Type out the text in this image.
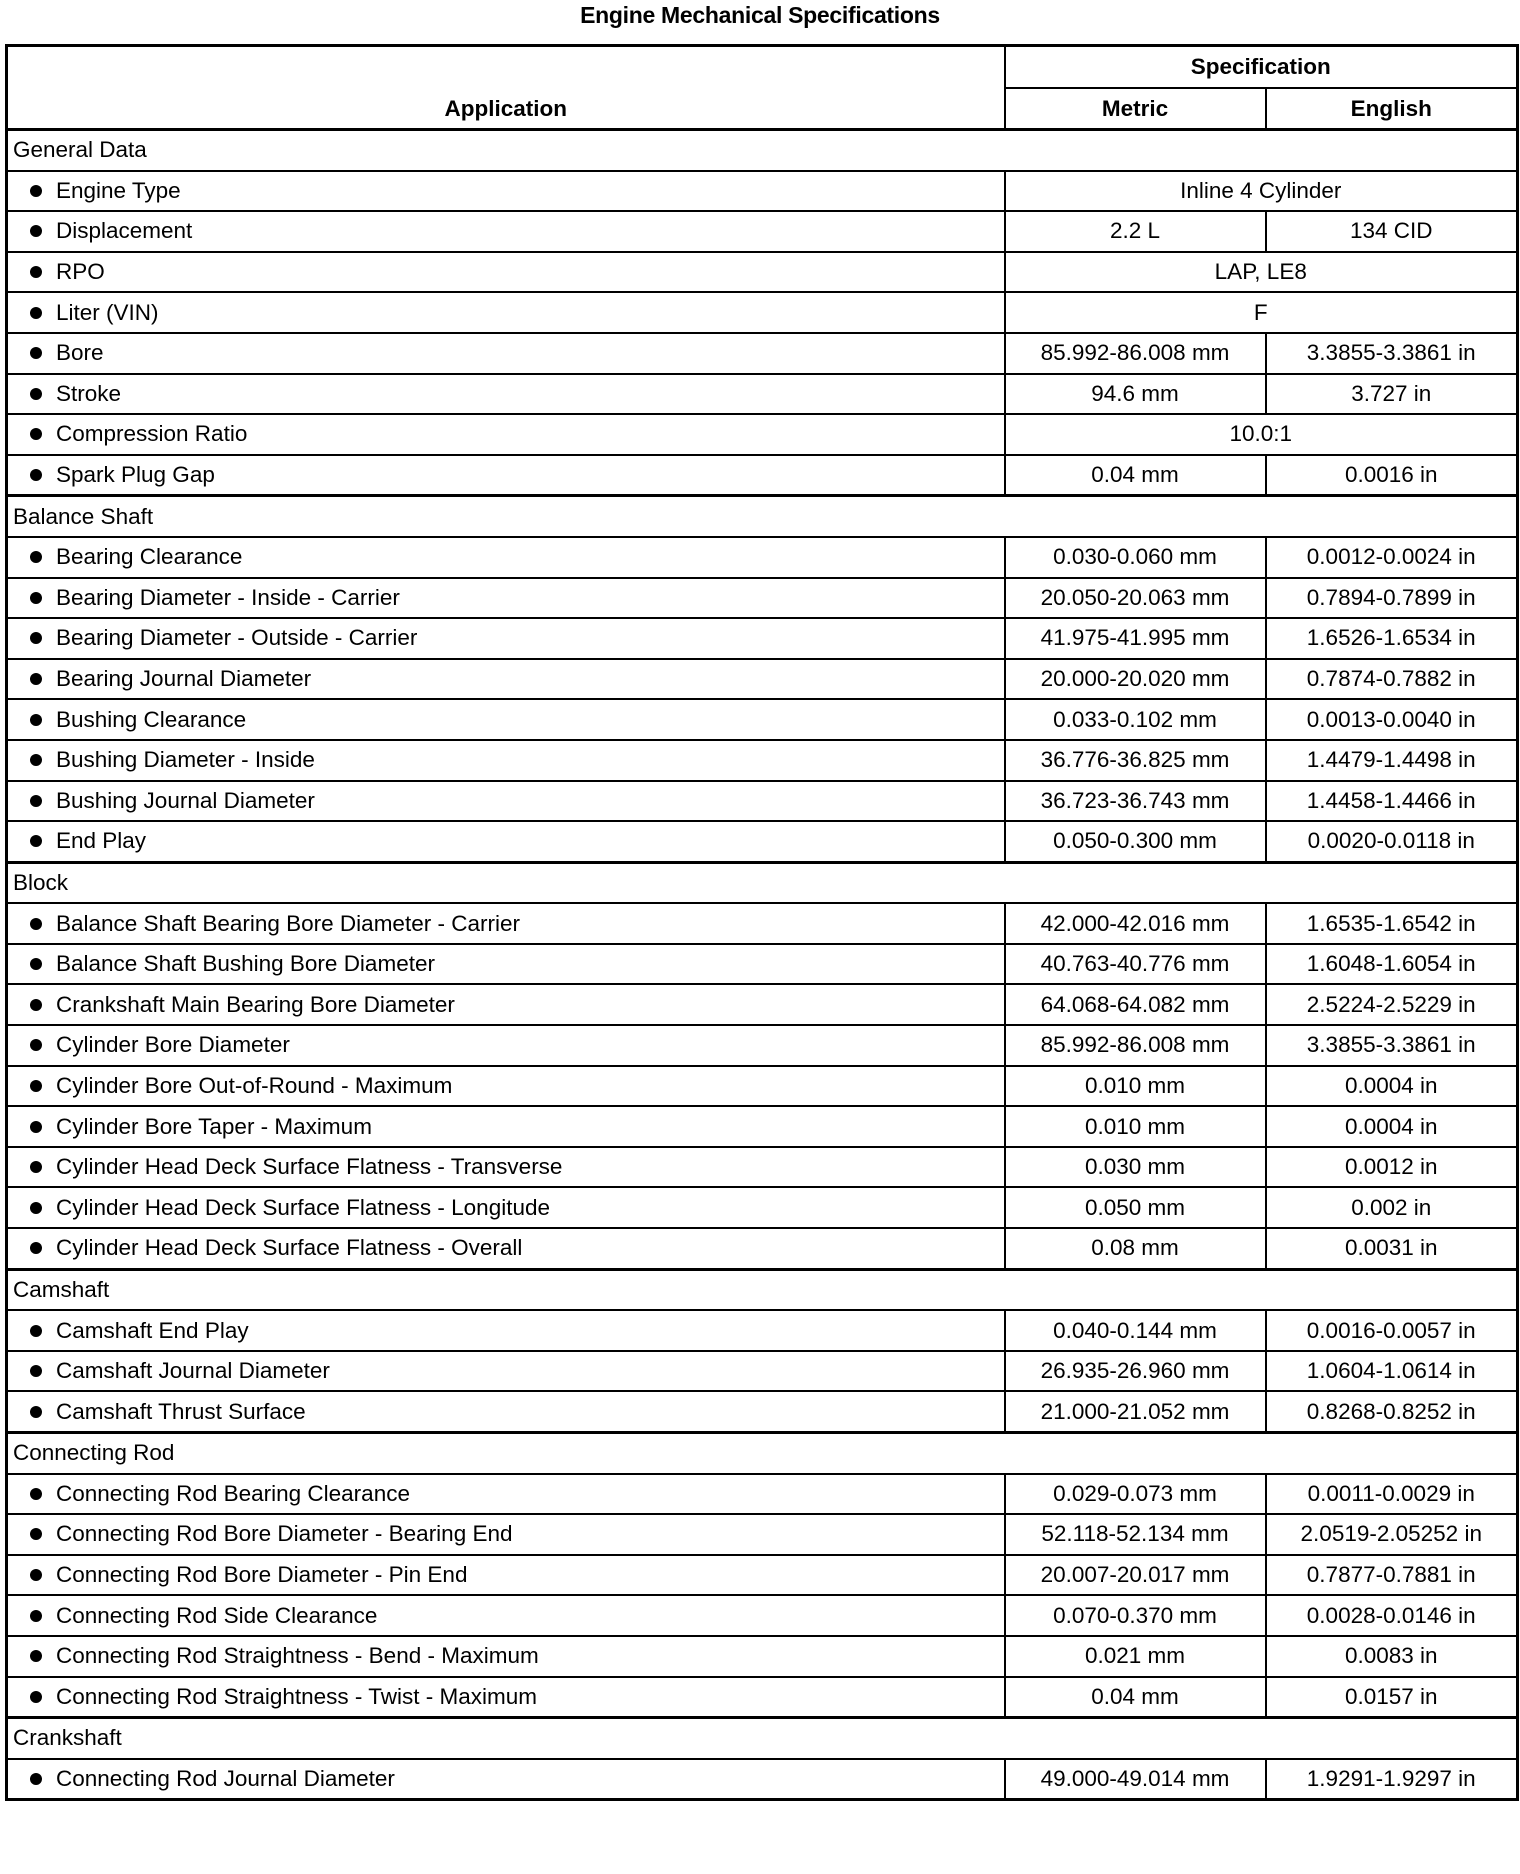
Engine Mechanical Specifications
Application	Specification	
	Metric	English
General Data		
Engine Type	Inline 4 Cylinder	
Displacement	2.2 L	134 CID
RPO	LAP, LE8	
Liter (VIN)	F	
Bore	85.992-86.008 mm	3.3855-3.3861 in
Stroke	94.6 mm	3.727 in
Compression Ratio	10.0:1	
Spark Plug Gap	0.04 mm	0.0016 in
Balance Shaft		
Bearing Clearance	0.030-0.060 mm	0.0012-0.0024 in
Bearing Diameter - Inside - Carrier	20.050-20.063 mm	0.7894-0.7899 in
Bearing Diameter - Outside - Carrier	41.975-41.995 mm	1.6526-1.6534 in
Bearing Journal Diameter	20.000-20.020 mm	0.7874-0.7882 in
Bushing Clearance	0.033-0.102 mm	0.0013-0.0040 in
Bushing Diameter - Inside	36.776-36.825 mm	1.4479-1.4498 in
Bushing Journal Diameter	36.723-36.743 mm	1.4458-1.4466 in
End Play	0.050-0.300 mm	0.0020-0.0118 in
Block		
Balance Shaft Bearing Bore Diameter - Carrier	42.000-42.016 mm	1.6535-1.6542 in
Balance Shaft Bushing Bore Diameter	40.763-40.776 mm	1.6048-1.6054 in
Crankshaft Main Bearing Bore Diameter	64.068-64.082 mm	2.5224-2.5229 in
Cylinder Bore Diameter	85.992-86.008 mm	3.3855-3.3861 in
Cylinder Bore Out-of-Round - Maximum	0.010 mm	0.0004 in
Cylinder Bore Taper - Maximum	0.010 mm	0.0004 in
Cylinder Head Deck Surface Flatness - Transverse	0.030 mm	0.0012 in
Cylinder Head Deck Surface Flatness - Longitude	0.050 mm	0.002 in
Cylinder Head Deck Surface Flatness - Overall	0.08 mm	0.0031 in
Camshaft		
Camshaft End Play	0.040-0.144 mm	0.0016-0.0057 in
Camshaft Journal Diameter	26.935-26.960 mm	1.0604-1.0614 in
Camshaft Thrust Surface	21.000-21.052 mm	0.8268-0.8252 in
Connecting Rod		
Connecting Rod Bearing Clearance	0.029-0.073 mm	0.0011-0.0029 in
Connecting Rod Bore Diameter - Bearing End	52.118-52.134 mm	2.0519-2.05252 in
Connecting Rod Bore Diameter - Pin End	20.007-20.017 mm	0.7877-0.7881 in
Connecting Rod Side Clearance	0.070-0.370 mm	0.0028-0.0146 in
Connecting Rod Straightness - Bend - Maximum	0.021 mm	0.0083 in
Connecting Rod Straightness - Twist - Maximum	0.04 mm	0.0157 in
Crankshaft		
Connecting Rod Journal Diameter	49.000-49.014 mm	1.9291-1.9297 in
